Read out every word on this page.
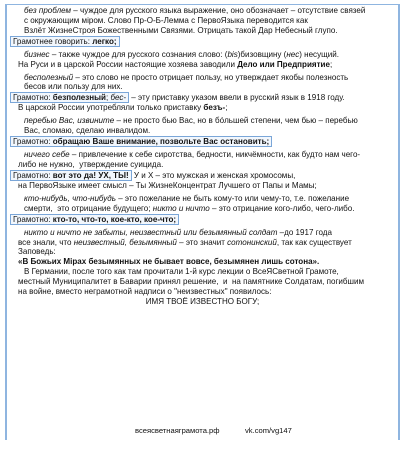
без проблем – чуждое для русского языка выражение, оно обозначает – отсутствие связей
с окружающим міром. Слово Пр-О-Б-Лемма с ПервоЯзыка переводится как
Взлёт ЖизнеСтроя Божественными Связями. Отрицать такой Дар Небесный глупо.
Грамотнее говорить: легко;
бизнес – также чуждое для русского сознания слово: (bis)бизовщину (нес) несущий.
На Руси и в царской России настоящие хозяева заводили Дело или Предприятие;
бесполезный – это слово не просто отрицает пользу, но утверждает якобы полезность
бесов или пользу для них.
Грамотно: безполезный; бес- – эту приставку указом ввели в русский язык в 1918 году.
В царской России употребляли только приставку безъ-;
перебью Вас, извините – не просто бью Вас, но в бóльшей степени, чем бью – перебью
Вас, сломаю, сделаю инвалидом.
Грамотно: обращаю Ваше внимание, позвольте Вас остановить;
ничего себе – привлечение к себе сиротства, бедности, никчёмности, как будто нам чего-
либо не нужно,  утверждение суицида.
Грамотно: вот это да! УХ, ТЫ! У и Х – это мужская и женская хромосомы,
на ПервоЯзыке имеет смысл – Ты ЖизнеКонцентрат Лучшего от Папы и Мамы;
кто-нибудь, что-нибудь – это пожелание не быть кому-то или чему-то, т.е. пожелание
смерти,  это отрицание будущего; никто и ничто – это отрицание кого-либо, чего-либо.
Грамотно: кто-то, что-то, кое-кто, кое-что;
никто и ничто не забыты, неизвестный или безымянный солдат –до 1917 года
все знали, что неизвестный, безымянный – это значит сотонинский, так как существует
Заповедь:
«В Божьих Мірах безымянных не бывает вовсе, безымянен лишь сотона».
В Германии, после того как там прочитали 1-й курс лекции о ВсеЯСветной Грамоте,
местный Муниципалитет в Баварии принял решение,  и  на памятнике Солдатам, погибшим
на войне, вместо неграмотной надписи о "неизвестных" появилось:
ИМЯ ТВОЁ ИЗВЕСТНО БОГУ;
всеясветнаяграмота.рф	vk.com/vg147
